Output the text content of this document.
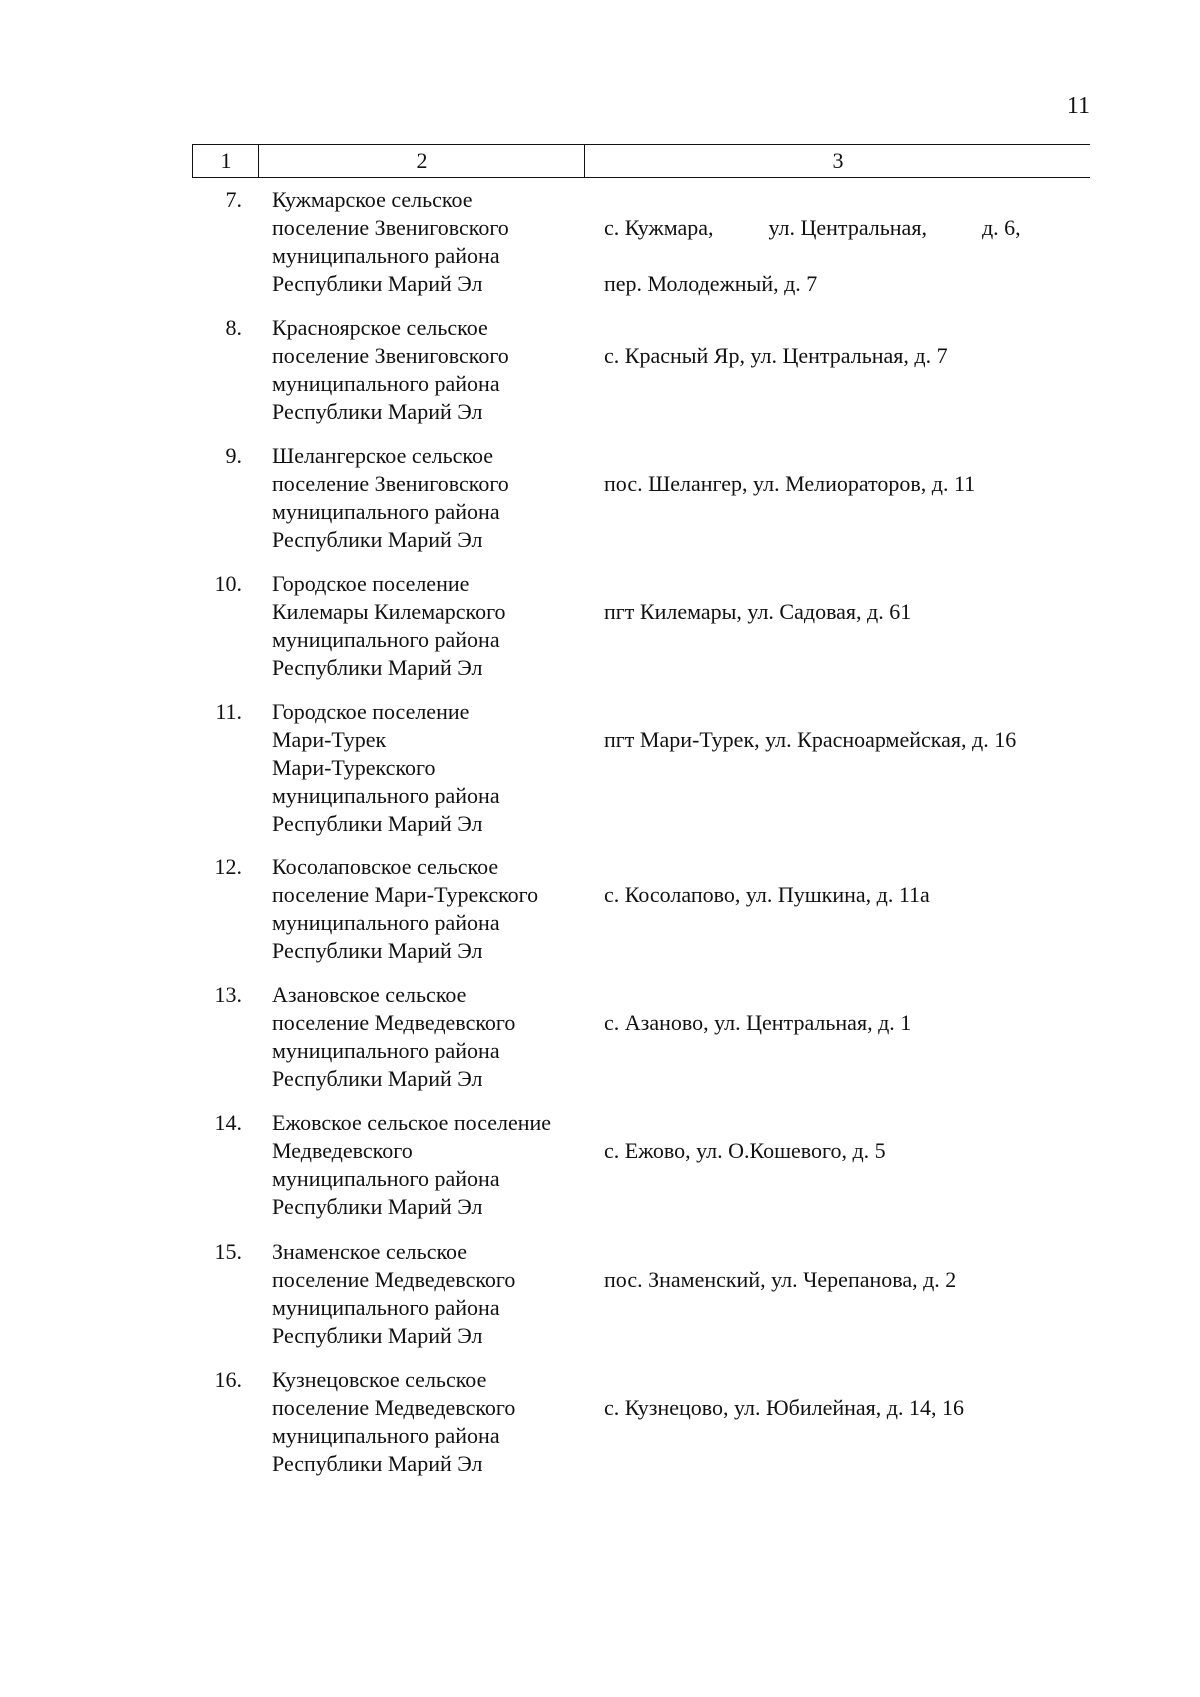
11
1	2	3
7. Кужмарское сельское
поселение Звениговского
муниципального района
Республики Марий Эл

с. Кужмара,          ул. Центральная,          д. 6,

пер. Молодежный, д. 7

8. Красноярское сельское
поселение Звениговского
муниципального района
Республики Марий Эл

с. Красный Яр, ул. Центральная, д. 7

9. Шелангерское сельское
поселение Звениговского
муниципального района
Республики Марий Эл

пос. Шелангер, ул. Мелиораторов, д. 11

10. Городское поселение
Килемары Килемарского
муниципального района
Республики Марий Эл

пгт Килемары, ул. Садовая, д. 61

11. Городское поселение
Мари-Турек
Мари-Турекского
муниципального района
Республики Марий Эл

пгт Мари-Турек, ул. Красноармейская, д. 16

12. Косолаповское сельское
поселение Мари-Турекского
муниципального района
Республики Марий Эл

с. Косолапово, ул. Пушкина, д. 11а

13. Азановское сельское
поселение Медведевского
муниципального района
Республики Марий Эл

с. Азаново, ул. Центральная, д. 1

14. Ежовское сельское поселение
Медведевского
муниципального района
Республики Марий Эл

с. Ежово, ул. О.Кошевого, д. 5

15. Знаменское сельское
поселение Медведевского
муниципального района
Республики Марий Эл

пос. Знаменский, ул. Черепанова, д. 2

16. Кузнецовское сельское
поселение Медведевского
муниципального района
Республики Марий Эл

с. Кузнецово, ул. Юбилейная, д. 14, 16
